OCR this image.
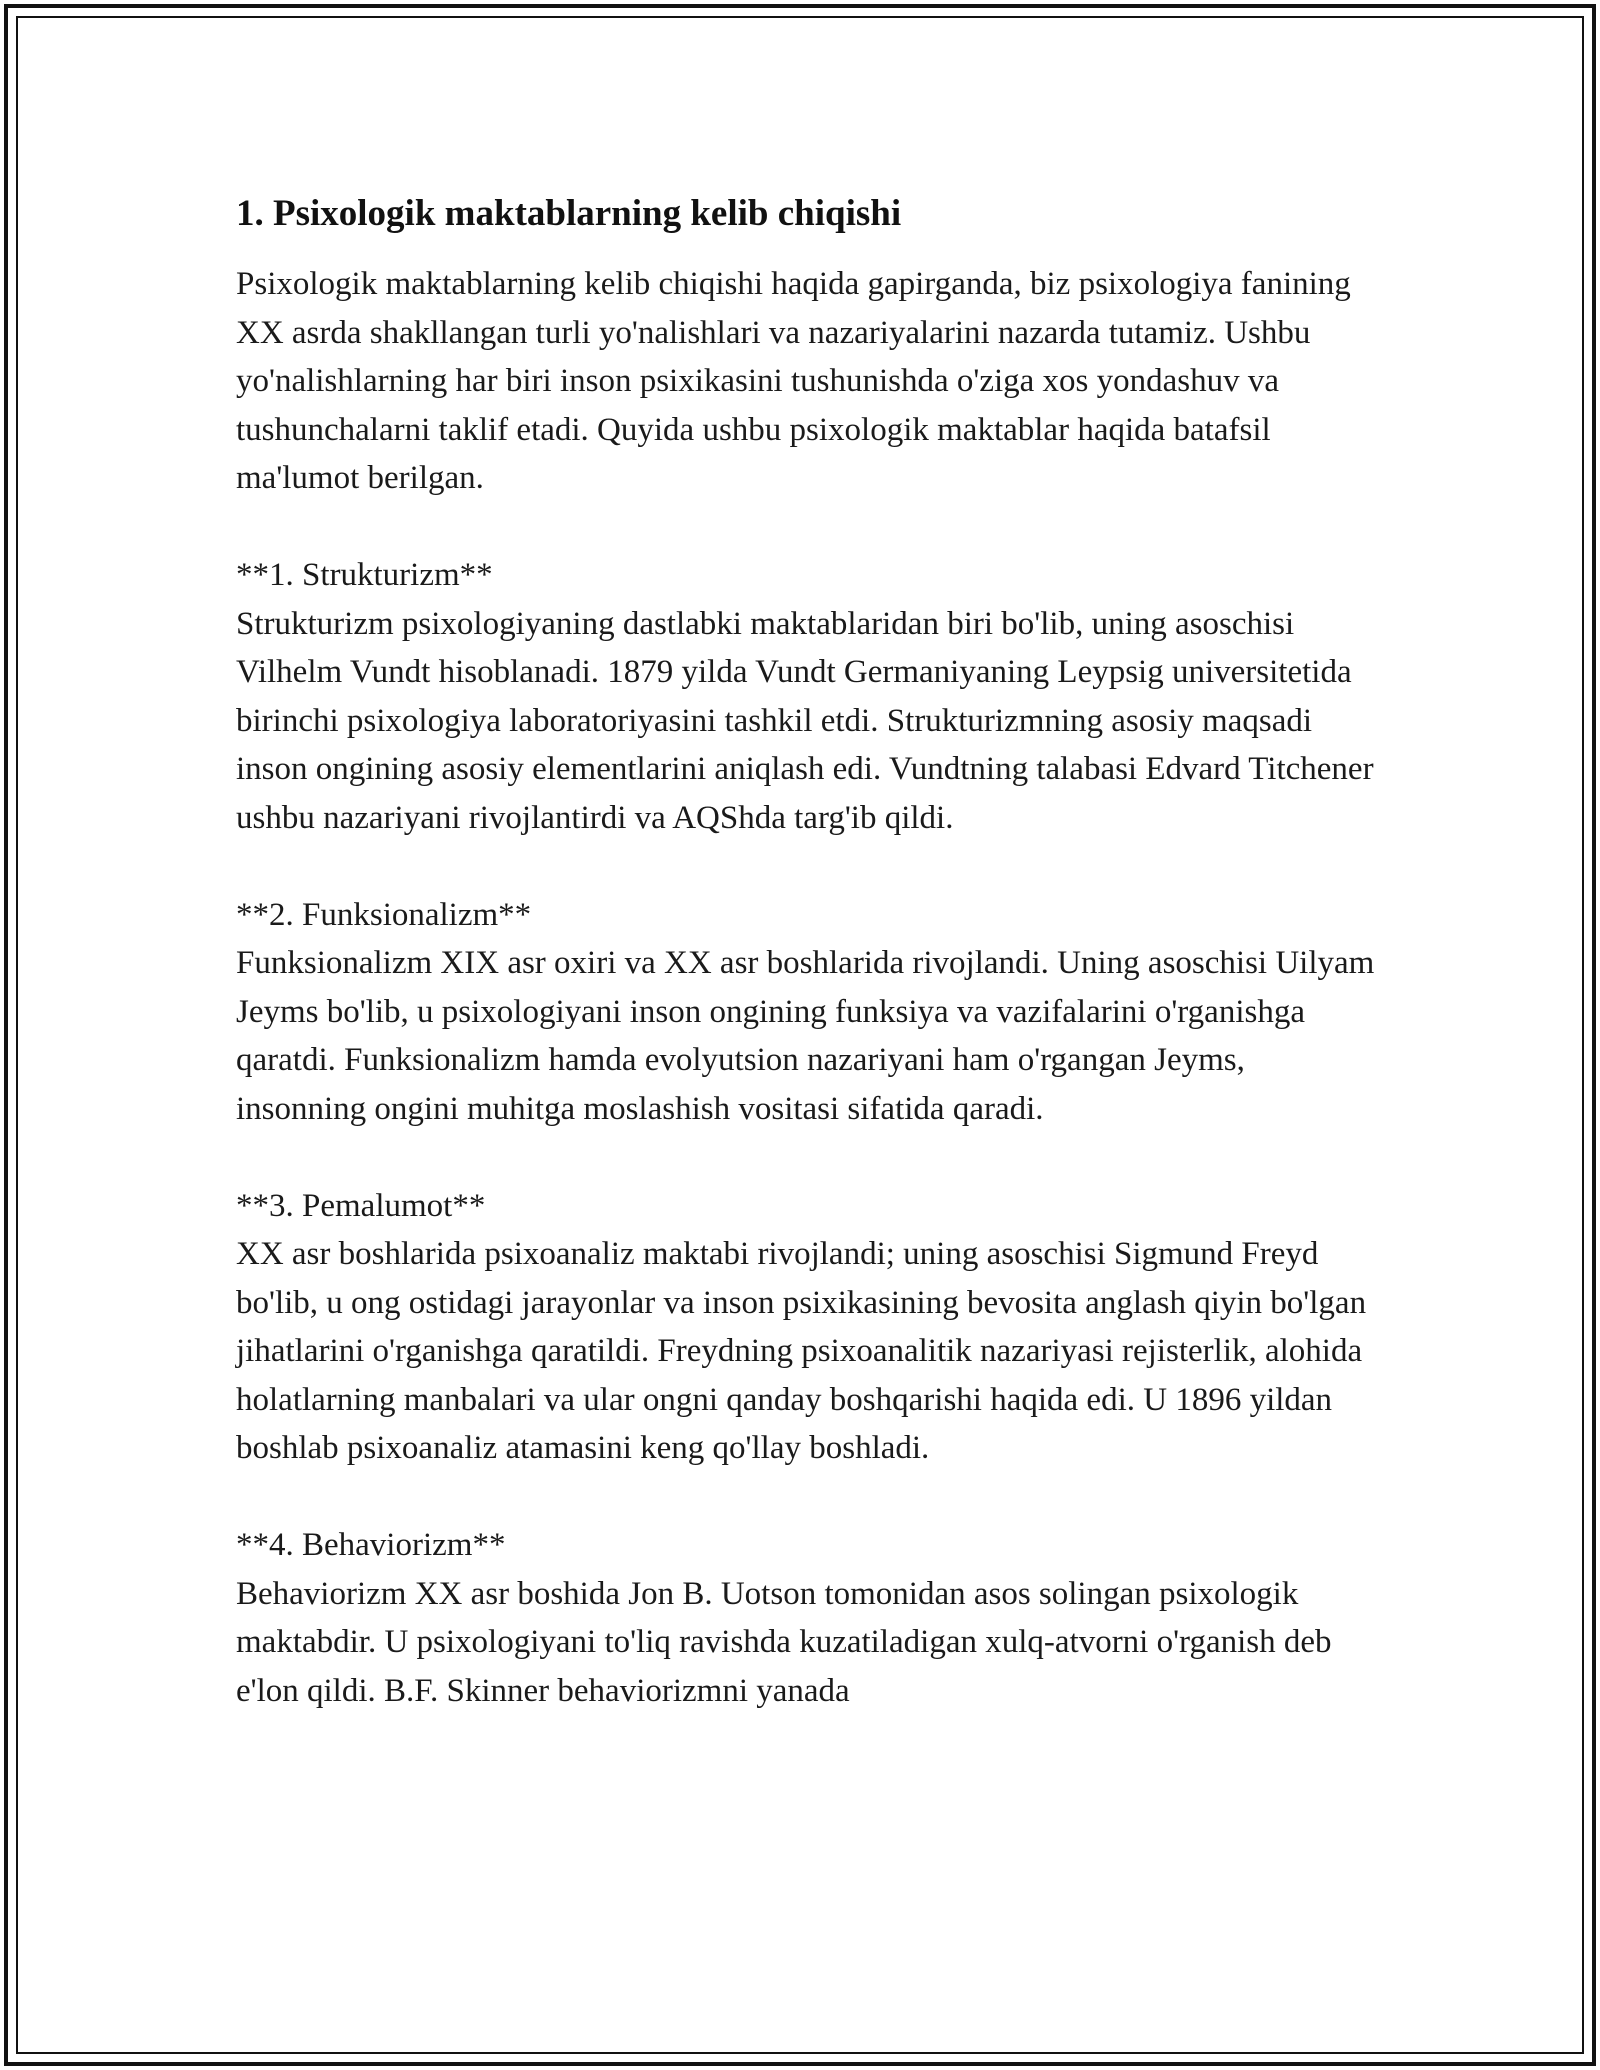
1. Psixologik maktablarning kelib chiqishi

Psixologik maktablarning kelib chiqishi haqida gapirganda, biz psixologiya fanining XX asrda shakllangan turli yo'nalishlari va nazariyalarini nazarda tutamiz. Ushbu yo'nalishlarning har biri inson psixikasini tushunishda o'ziga xos yondashuv va tushunchalarni taklif etadi. Quyida ushbu psixologik maktablar haqida batafsil ma'lumot berilgan.

**1. Strukturizm**

Strukturizm psixologiyaning dastlabki maktablaridan biri bo'lib, uning asoschisi Vilhelm Vundt hisoblanadi. 1879 yilda Vundt Germaniyaning Leypsig universitetida birinchi psixologiya laboratoriyasini tashkil etdi. Strukturizmning asosiy maqsadi inson ongining asosiy elementlarini aniqlash edi. Vundtning talabasi Edvard Titchener ushbu nazariyani rivojlantirdi va AQShda targ'ib qildi.

**2. Funksionalizm**

Funksionalizm XIX asr oxiri va XX asr boshlarida rivojlandi. Uning asoschisi Uilyam Jeyms bo'lib, u psixologiyani inson ongining funksiya va vazifalarini o'rganishga qaratdi. Funksionalizm hamda evolyutsion nazariyani ham o'rgangan Jeyms, insonning ongini muhitga moslashish vositasi sifatida qaradi.

**3. Pemalumot**

XX asr boshlarida psixoanaliz maktabi rivojlandi; uning asoschisi Sigmund Freyd bo'lib, u ong ostidagi jarayonlar va inson psixikasining bevosita anglash qiyin bo'lgan jihatlarini o'rganishga qaratildi. Freydning psixoanalitik nazariyasi rejisterlik, alohida holatlarning manbalari va ular ongni qanday boshqarishi haqida edi. U 1896 yildan boshlab psixoanaliz atamasini keng qo'llay boshladi.

**4. Behaviorizm**

Behaviorizm XX asr boshida Jon B. Uotson tomonidan asos solingan psixologik maktabdir. U psixologiyani to'liq ravishda kuzatiladigan xulq-atvorni o'rganish deb e'lon qildi. B.F. Skinner behaviorizmni yanada
